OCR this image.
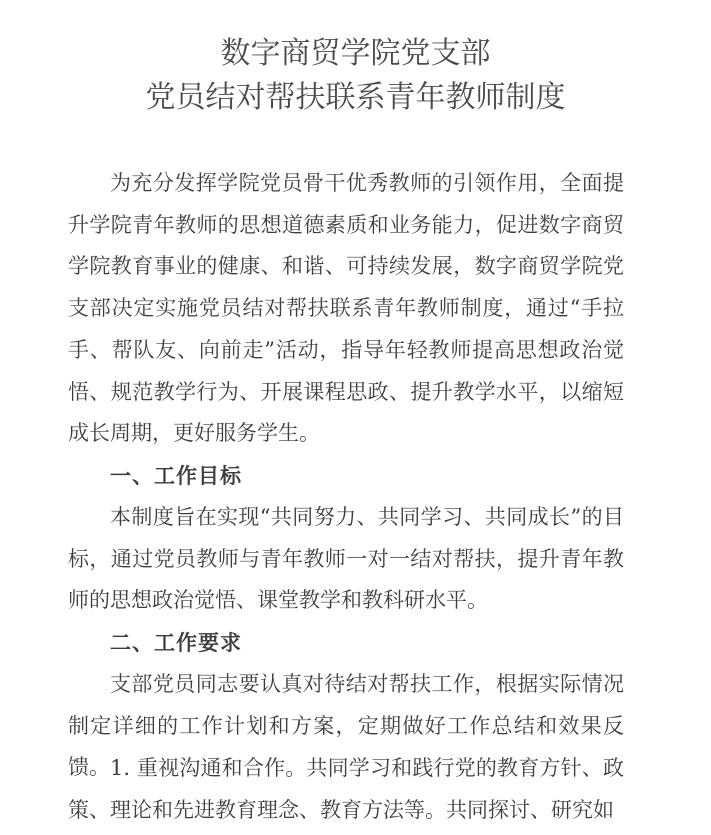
数字商贸学院党支部
党员结对帮扶联系青年教师制度

为充分发挥学院党员骨干优秀教师的引领作用，全面提升学院青年教师的思想道德素质和业务能力，促进数字商贸学院教育事业的健康、和谐、可持续发展，数字商贸学院党支部决定实施党员结对帮扶联系青年教师制度，通过“手拉手、帮队友、向前走”活动，指导年轻教师提高思想政治觉悟、规范教学行为、开展课程思政、提升教学水平，以缩短成长周期，更好服务学生。

一、工作目标

本制度旨在实现“共同努力、共同学习、共同成长”的目标，通过党员教师与青年教师一对一结对帮扶，提升青年教师的思想政治觉悟、课堂教学和教科研水平。

二、工作要求

支部党员同志要认真对待结对帮扶工作，根据实际情况制定详细的工作计划和方案，定期做好工作总结和效果反馈。 1. 重视沟通和合作。共同学习和践行党的教育方针、政策、理论和先进教育理念、教育方法等。共同探讨、研究如
